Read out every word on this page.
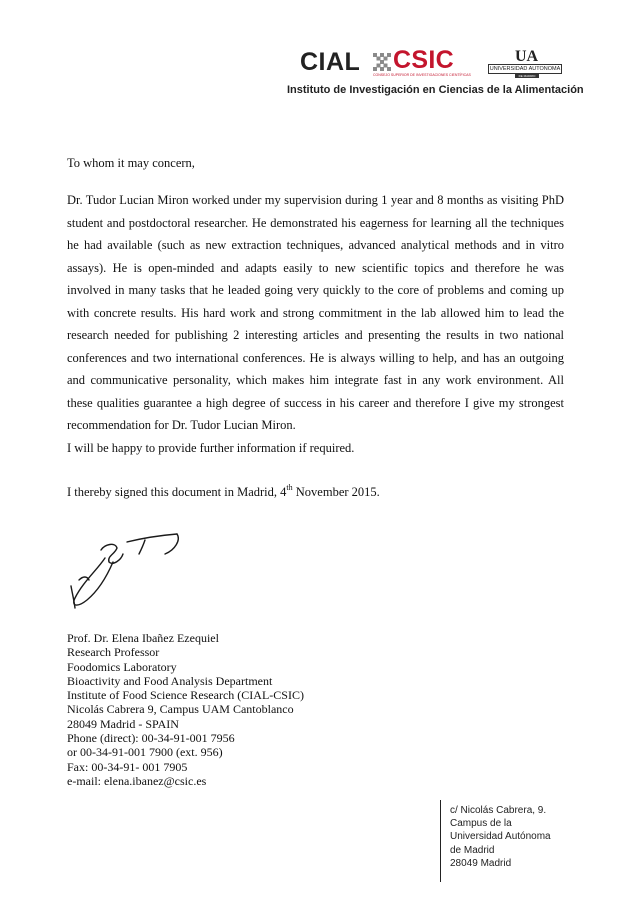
CIAL CSIC
CONSEJO SUPERIOR DE INVESTIGACIONES CIENTÍFICAS
UA
UNIVERSIDAD AUTONOMA
DE MADRID
Instituto de Investigación en Ciencias de la Alimentación
To whom it may concern,

Dr. Tudor Lucian Miron worked under my supervision during 1 year and 8 months as visiting PhD student and postdoctoral researcher. He demonstrated his eagerness for learning all the techniques he had available (such as new extraction techniques, advanced analytical methods and in vitro assays). He is open-minded and adapts easily to new scientific topics and therefore he was involved in many tasks that he leaded going very quickly to the core of problems and coming up with concrete results. His hard work and strong commitment in the lab allowed him to lead the research needed for publishing 2 interesting articles and presenting the results in two national conferences and two international conferences. He is always willing to help, and has an outgoing and communicative personality, which makes him integrate fast in any work environment. All these qualities guarantee a high degree of success in his career and therefore I give my strongest recommendation for Dr. Tudor Lucian Miron.

I will be happy to provide further information if required.
I thereby signed this document in Madrid, 4th November 2015.
Prof. Dr. Elena Ibañez Ezequiel
Research Professor
Foodomics Laboratory
Bioactivity and Food Analysis Department
Institute of Food Science Research (CIAL-CSIC)
Nicolás Cabrera 9, Campus UAM Cantoblanco
28049 Madrid - SPAIN
Phone (direct): 00-34-91-001 7956
or 00-34-91-001 7900 (ext. 956)
Fax: 00-34-91- 001 7905
e-mail: elena.ibanez@csic.es
c/ Nicolás Cabrera, 9.
Campus de la
Universidad Autónoma
de Madrid
28049 Madrid
